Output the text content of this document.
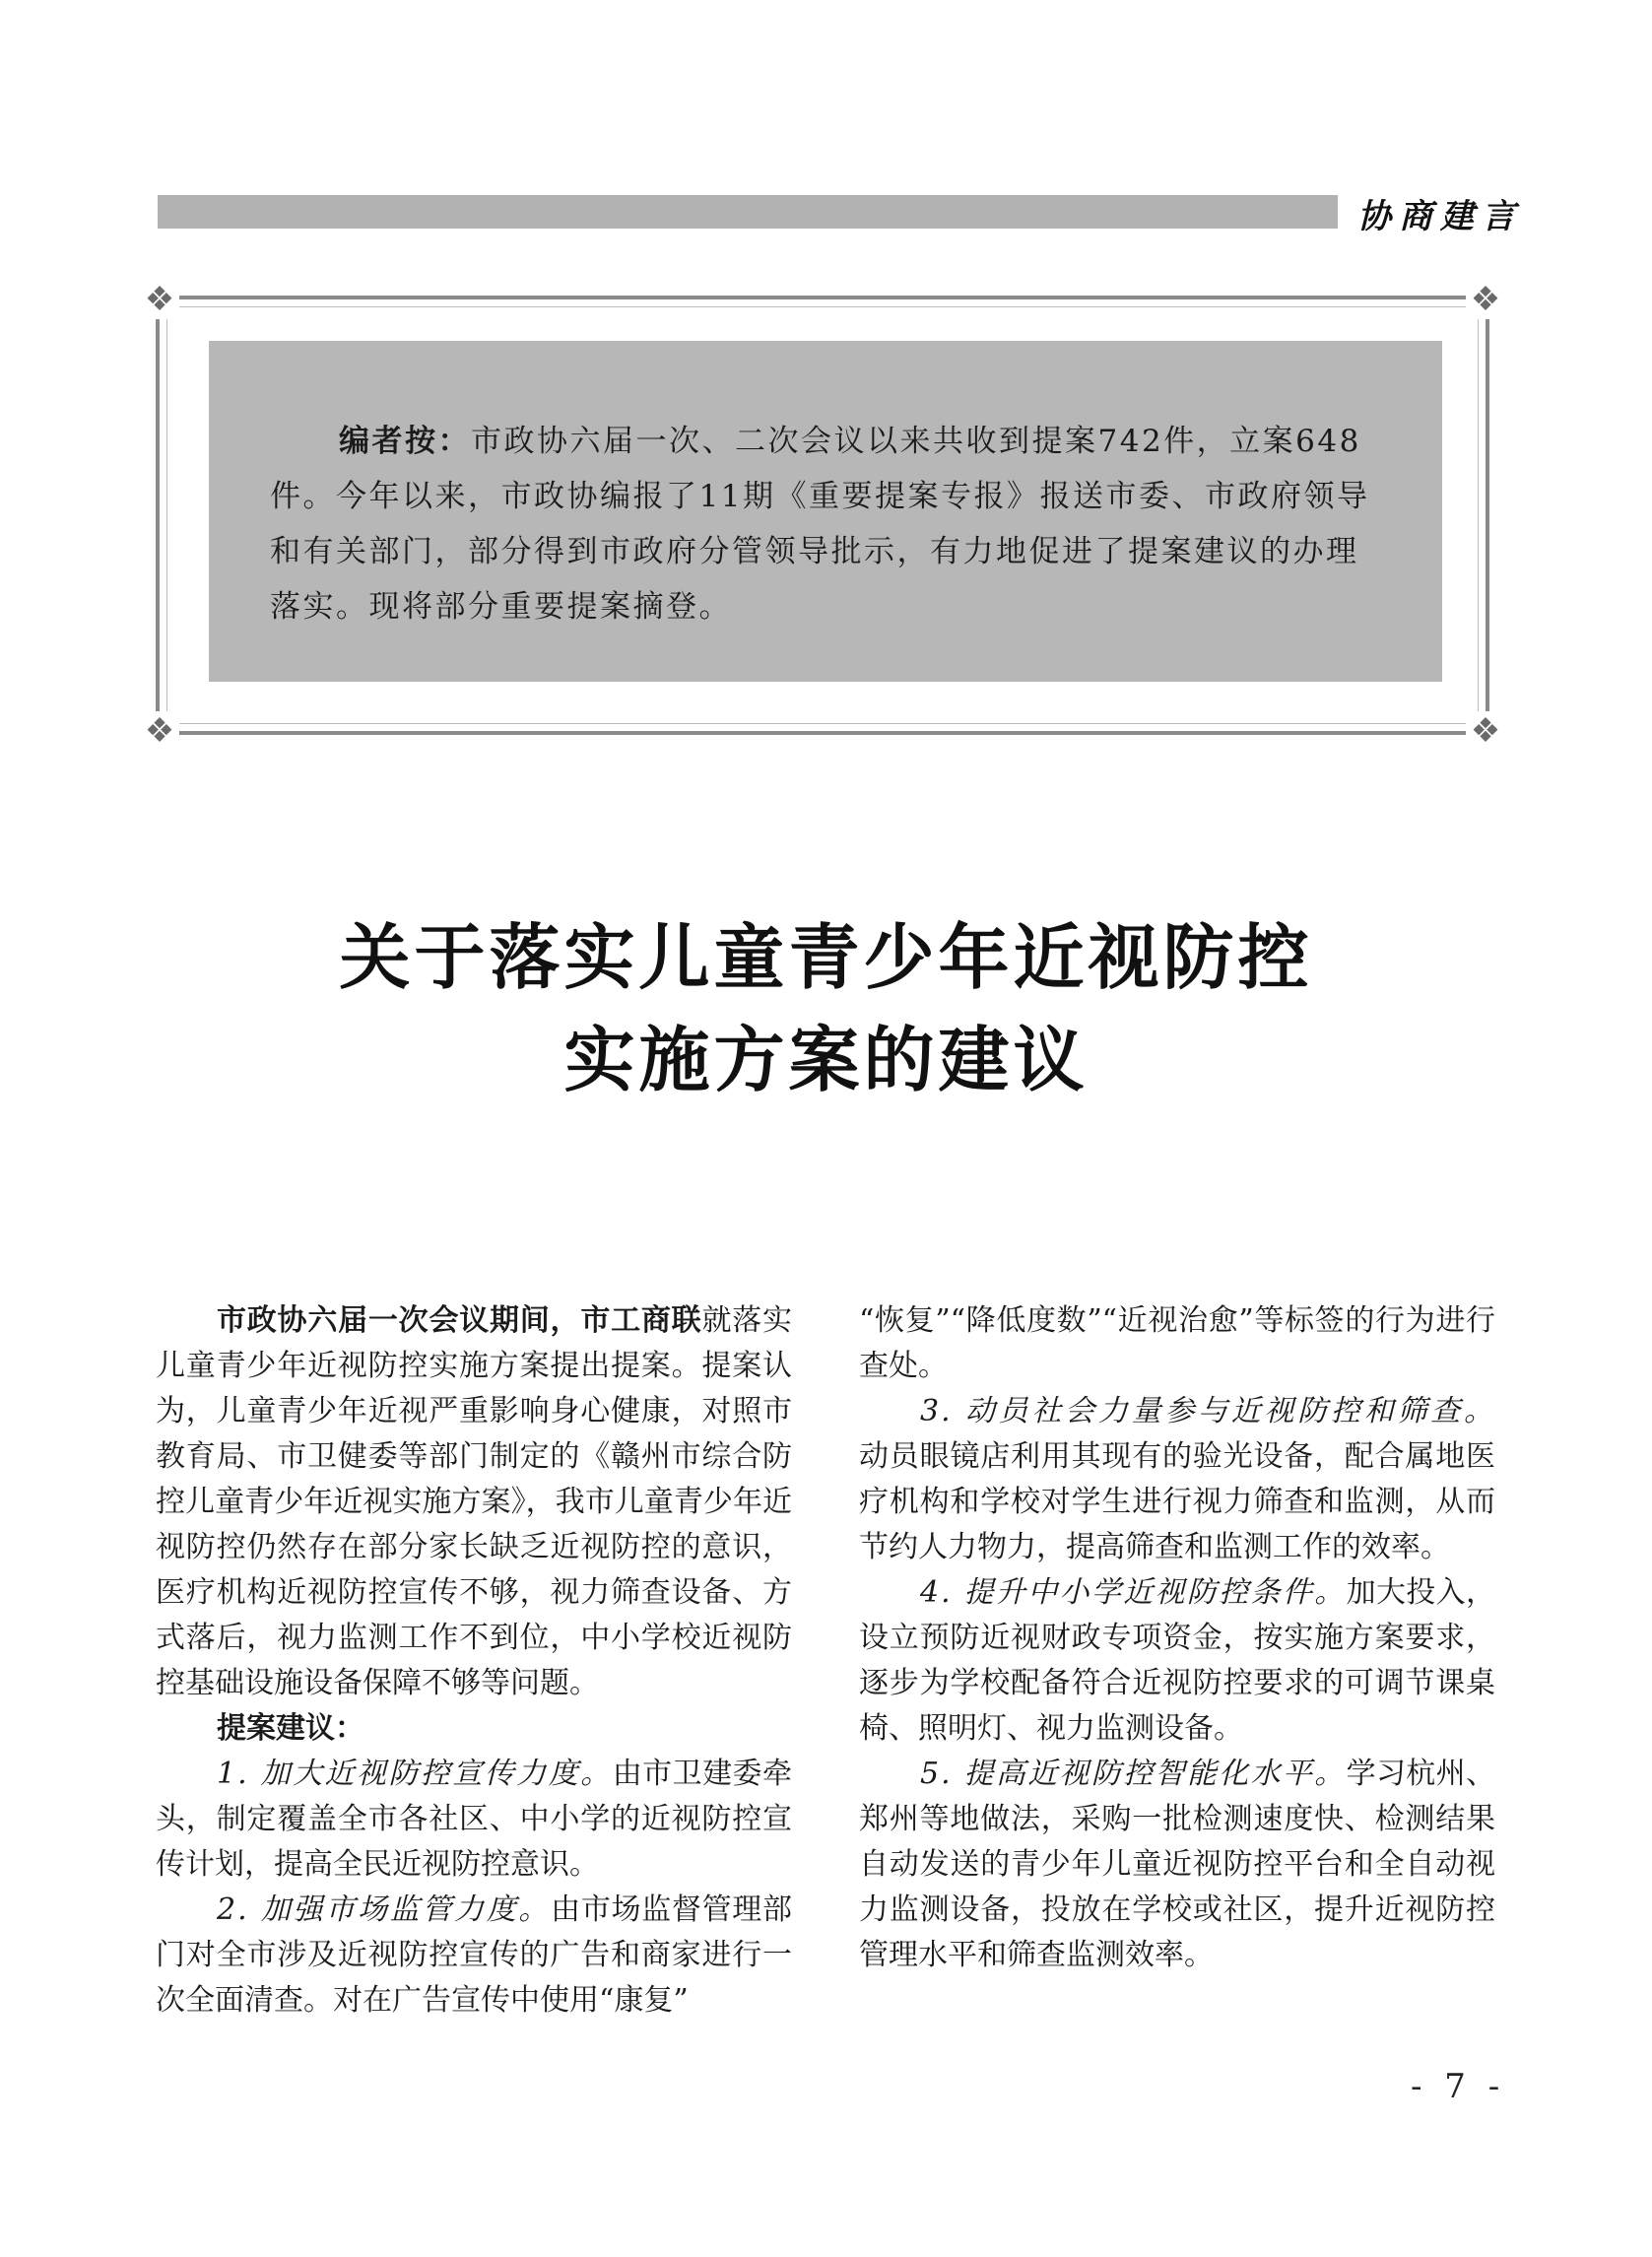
协商建言
❖	❖
❖	❖

编者按：市政协六届一次、二次会议以来共收到提案742件，立案648件。今年以来，市政协编报了11期《重要提案专报》报送市委、市政府领导和有关部门，部分得到市政府分管领导批示，有力地促进了提案建议的办理落实。现将部分重要提案摘登。

关于落实儿童青少年近视防控
实施方案的建议

市政协六届一次会议期间，市工商联就落实儿童青少年近视防控实施方案提出提案。提案认为，儿童青少年近视严重影响身心健康，对照市教育局、市卫健委等部门制定的《赣州市综合防控儿童青少年近视实施方案》，我市儿童青少年近视防控仍然存在部分家长缺乏近视防控的意识，医疗机构近视防控宣传不够，视力筛查设备、方式落后，视力监测工作不到位，中小学校近视防控基础设施设备保障不够等问题。

提案建议：

1. 加大近视防控宣传力度。由市卫建委牵头，制定覆盖全市各社区、中小学的近视防控宣传计划，提高全民近视防控意识。

2. 加强市场监管力度。由市场监督管理部门对全市涉及近视防控宣传的广告和商家进行一次全面清查。对在广告宣传中使用“康复”

“恢复”“降低度数”“近视治愈”等标签的行为进行查处。

3. 动员社会力量参与近视防控和筛查。动员眼镜店利用其现有的验光设备，配合属地医疗机构和学校对学生进行视力筛查和监测，从而节约人力物力，提高筛查和监测工作的效率。

4. 提升中小学近视防控条件。加大投入，设立预防近视财政专项资金，按实施方案要求，逐步为学校配备符合近视防控要求的可调节课桌椅、照明灯、视力监测设备。

5. 提高近视防控智能化水平。学习杭州、郑州等地做法，采购一批检测速度快、检测结果自动发送的青少年儿童近视防控平台和全自动视力监测设备，投放在学校或社区，提升近视防控管理水平和筛查监测效率。

- 7 -
